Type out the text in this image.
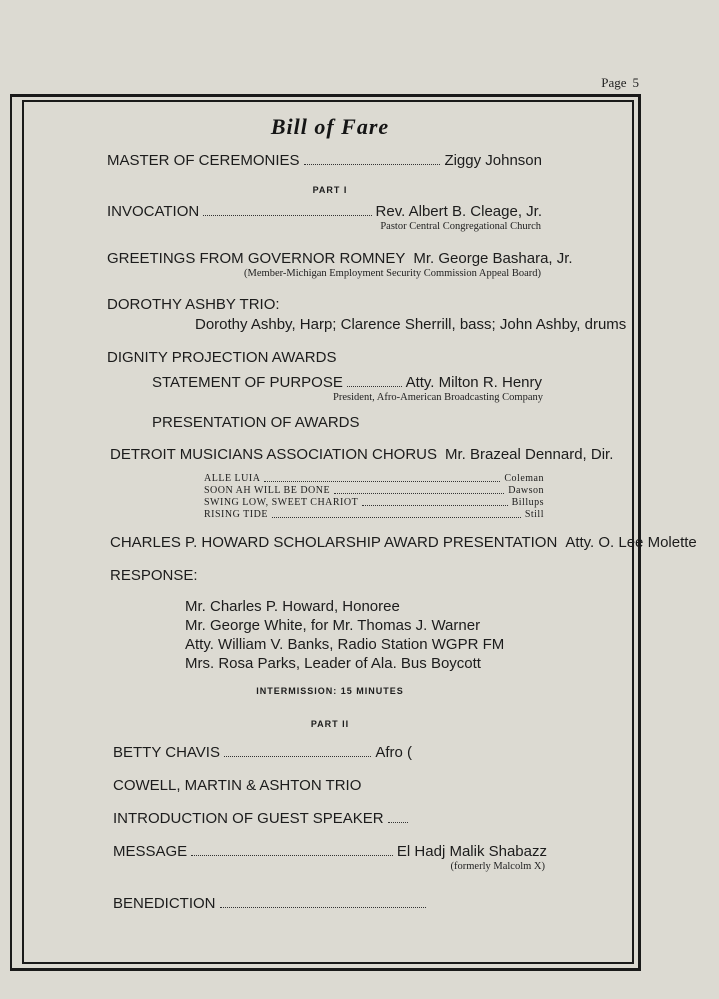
Page 5
Bill of Fare
MASTER OF CEREMONIES	Ziggy Johnson
PART I
INVOCATION	Rev. Albert B. Cleage, Jr.
Pastor Central Congregational Church
GREETINGS FROM GOVERNOR ROMNEY Mr. George Bashara, Jr.
(Member-Michigan Employment Security Commission Appeal Board)
DOROTHY ASHBY TRIO:
Dorothy Ashby, Harp; Clarence Sherrill, bass; John Ashby, drums
DIGNITY PROJECTION AWARDS
STATEMENT OF PURPOSE	Atty. Milton R. Henry
President, Afro-American Broadcasting Company
PRESENTATION OF AWARDS
DETROIT MUSICIANS ASSOCIATION CHORUS Mr. Brazeal Dennard, Dir.
ALLE LUIA	Coleman
SOON AH WILL BE DONE	Dawson
SWING LOW, SWEET CHARIOT	Billups
RISING TIDE	Still
CHARLES P. HOWARD SCHOLARSHIP AWARD PRESENTATION Atty. O. Lee Molette
RESPONSE:
Mr. Charles P. Howard, Honoree
Mr. George White, for Mr. Thomas J. Warner
Atty. William V. Banks, Radio Station WGPR FM
Mrs. Rosa Parks, Leader of Ala. Bus Boycott
INTERMISSION: 15 MINUTES
PART II
BETTY CHAVIS	Afro (
COWELL, MARTIN & ASHTON TRIO
INTRODUCTION OF GUEST SPEAKER
MESSAGE	El Hadj Malik Shabazz
(formerly Malcolm X)
BENEDICTION
